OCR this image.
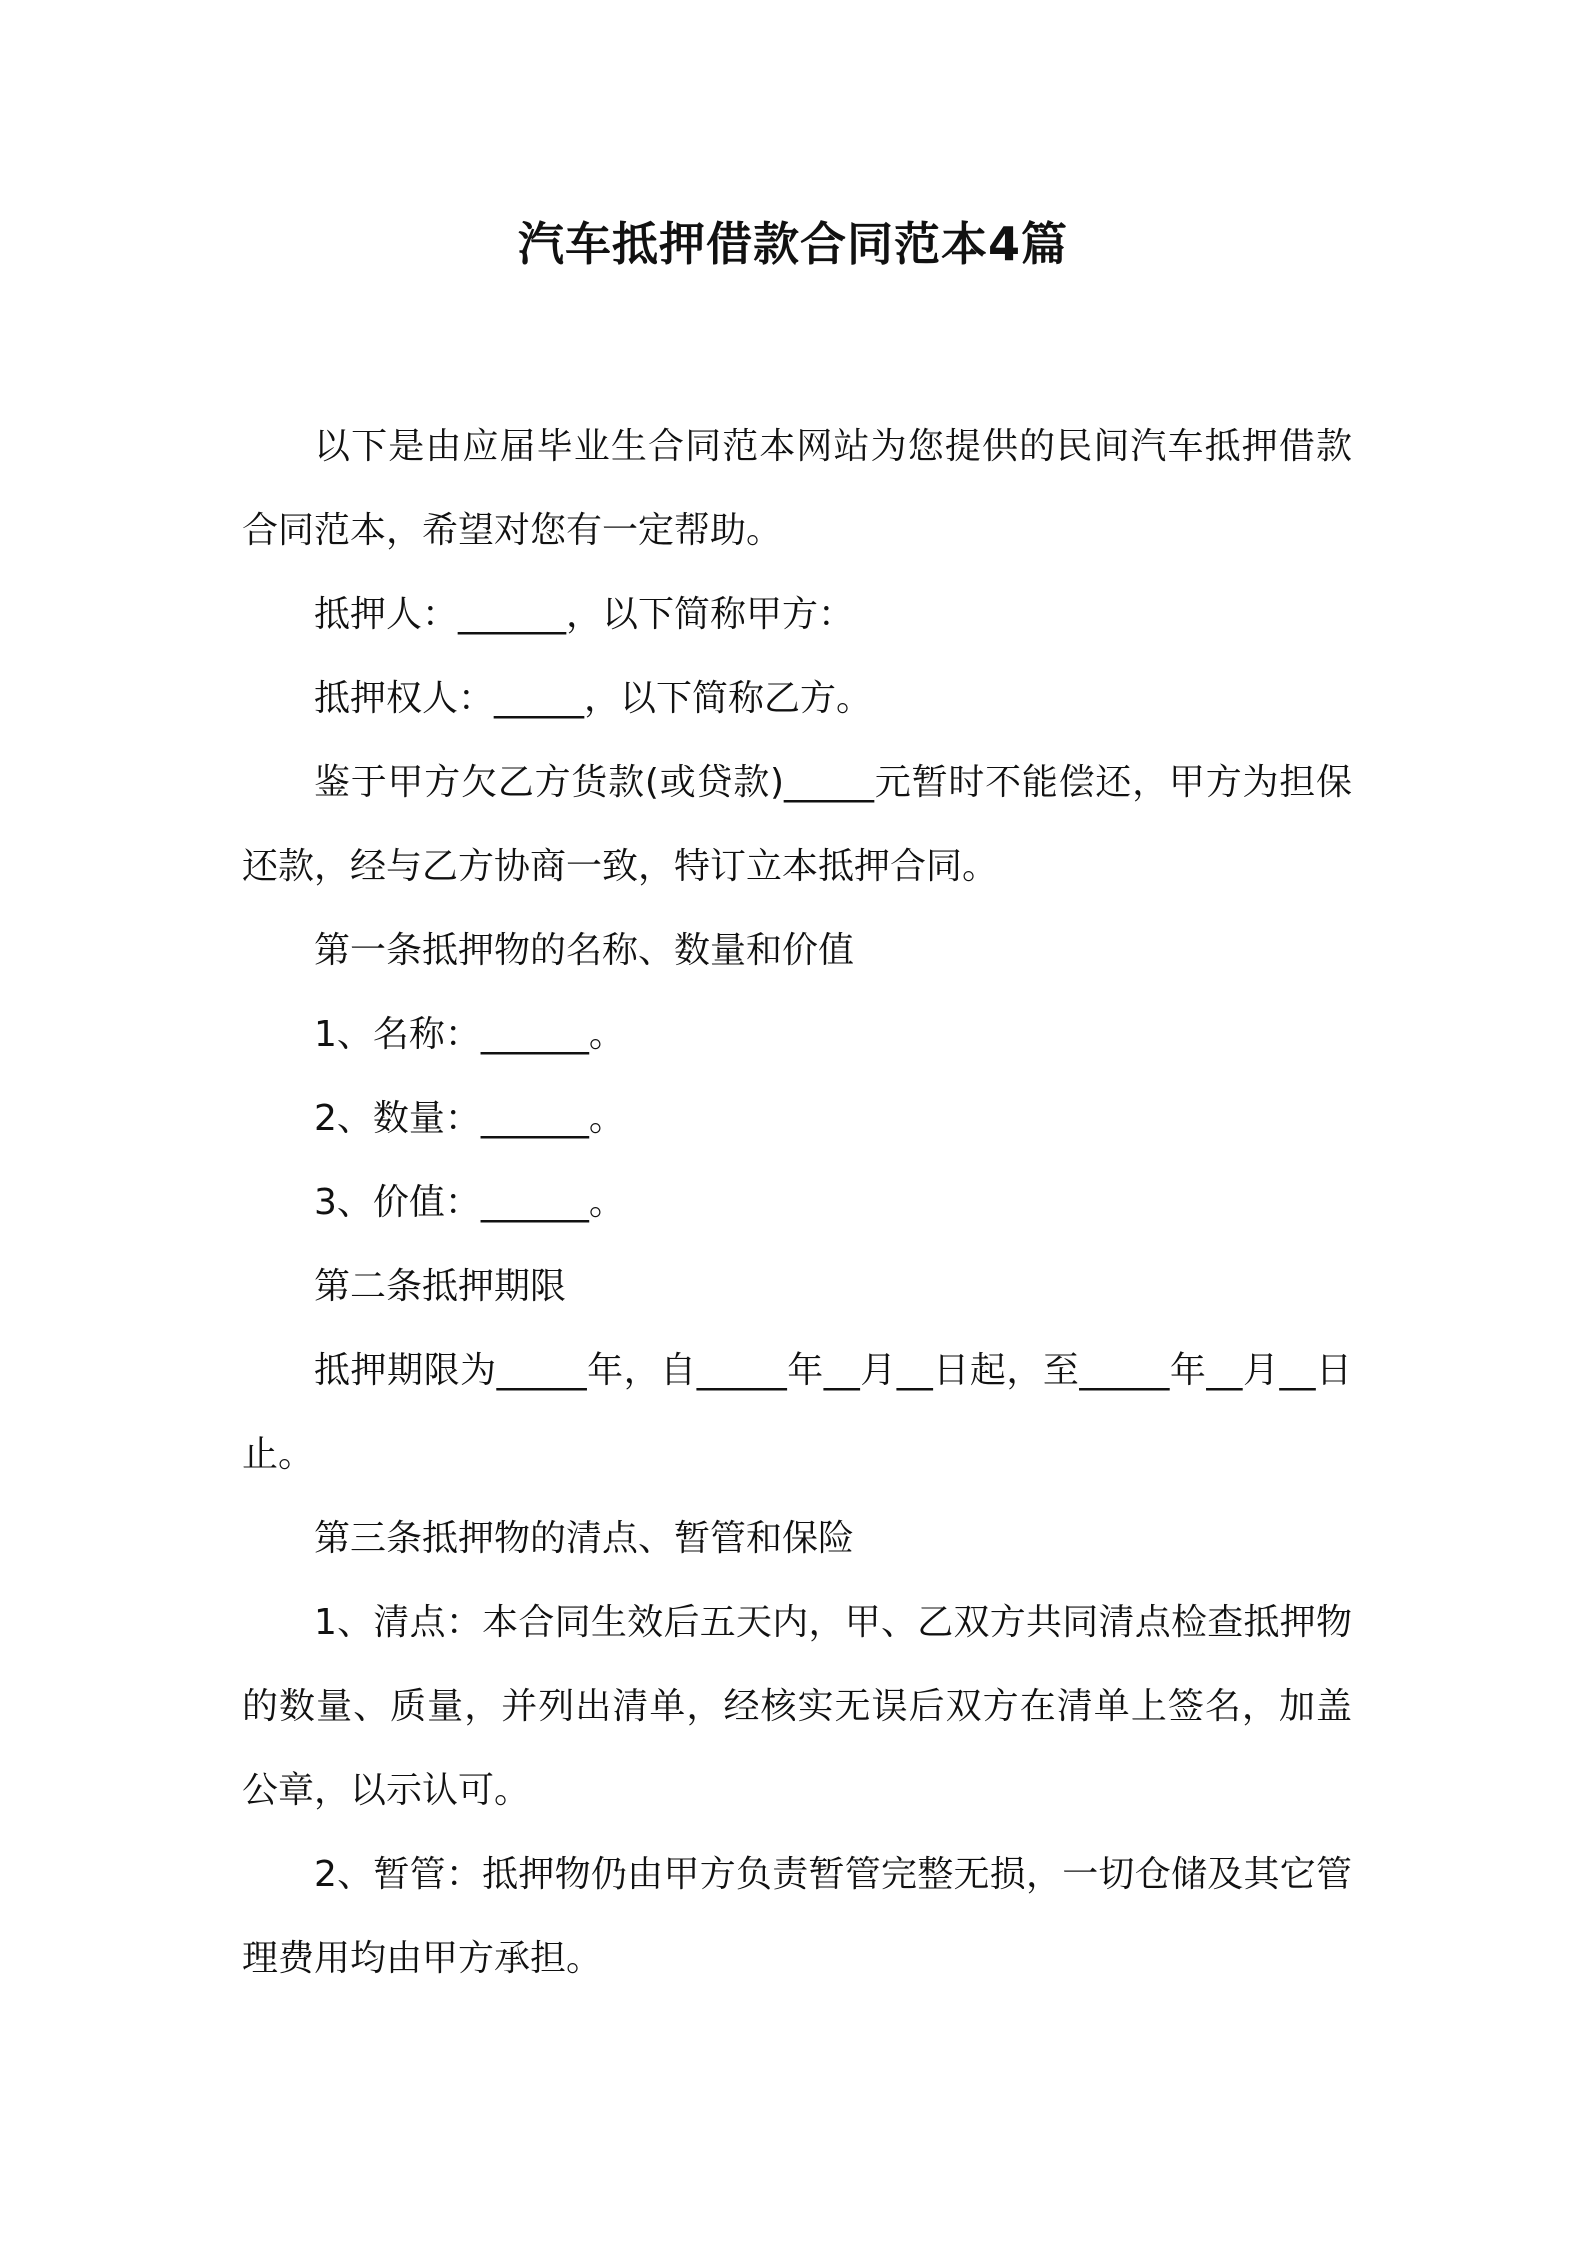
汽车抵押借款合同范本4篇

以下是由应届毕业生合同范本网站为您提供的民间汽车抵押借款合同范本，希望对您有一定帮助。

抵押人：______，以下简称甲方：

抵押权人：_____，以下简称乙方。

鉴于甲方欠乙方货款(或贷款)_____元暂时不能偿还，甲方为担保还款，经与乙方协商一致，特订立本抵押合同。

第一条抵押物的名称、数量和价值

1、名称：______。

2、数量：______。

3、价值：______。

第二条抵押期限

抵押期限为_____年，自_____年__月__日起，至_____年__月__日止。

第三条抵押物的清点、暂管和保险

1、清点：本合同生效后五天内，甲、乙双方共同清点检查抵押物的数量、质量，并列出清单，经核实无误后双方在清单上签名，加盖公章，以示认可。

2、暂管：抵押物仍由甲方负责暂管完整无损，一切仓储及其它管理费用均由甲方承担。
